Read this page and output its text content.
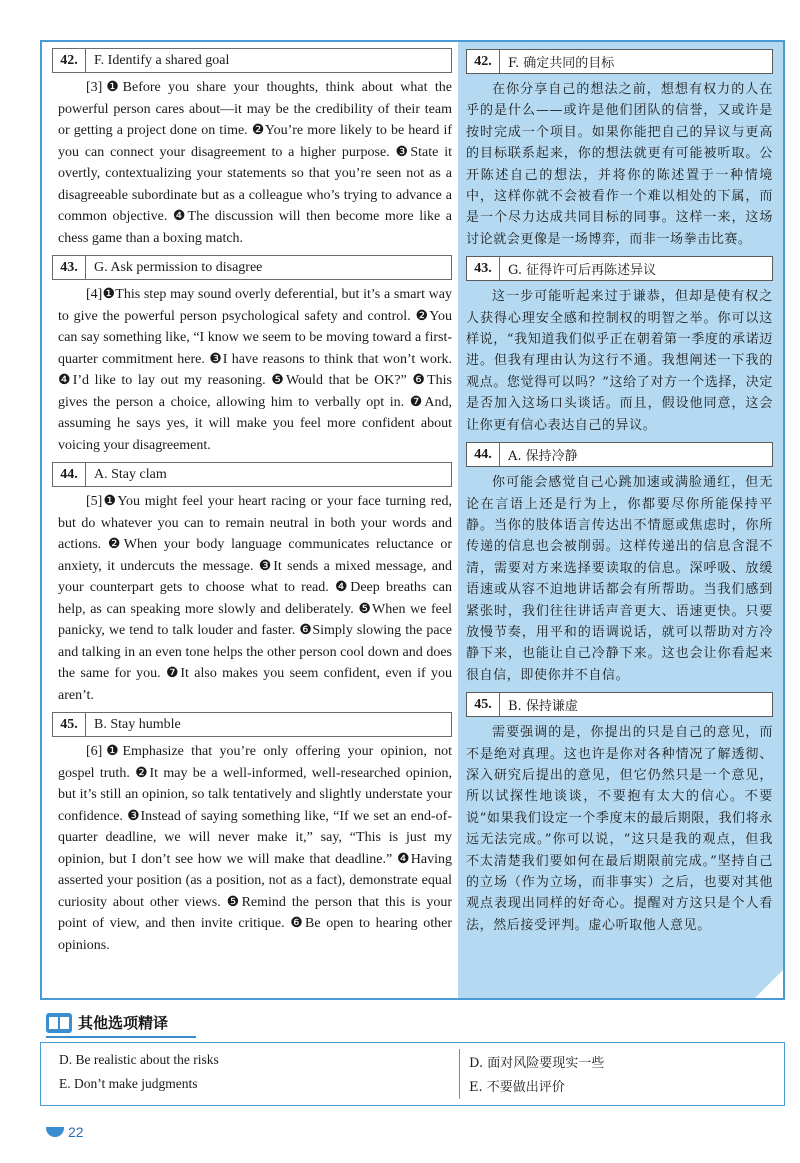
42.	F. Identify a shared goal

[3]❶Before you share your thoughts, think about what the powerful person cares about—it may be the credibility of their team or getting a project done on time. ❷You’re more likely to be heard if you can connect your disagreement to a higher purpose. ❸State it overtly, contextualizing your statements so that you’re seen not as a disagreeable subordinate but as a colleague who’s trying to advance a common objective. ❹The discussion will then become more like a chess game than a boxing match.

43.	G. Ask permission to disagree

[4]❶This step may sound overly deferential, but it’s a smart way to give the powerful person psychological safety and control. ❷You can say something like, “I know we seem to be moving toward a first-quarter commitment here. ❸I have reasons to think that won’t work. ❹I’d like to lay out my reasoning. ❺Would that be OK?” ❻This gives the person a choice, allowing him to verbally opt in. ❼And, assuming he says yes, it will make you feel more confident about voicing your disagreement.

44.	A. Stay clam

[5]❶You might feel your heart racing or your face turning red, but do whatever you can to remain neutral in both your words and actions. ❷When your body language communicates reluctance or anxiety, it undercuts the message. ❸It sends a mixed message, and your counterpart gets to choose what to read. ❹Deep breaths can help, as can speaking more slowly and deliberately. ❺When we feel panicky, we tend to talk louder and faster. ❻Simply slowing the pace and talking in an even tone helps the other person cool down and does the same for you. ❼It also makes you seem confident, even if you aren’t.

45.	B. Stay humble

[6]❶Emphasize that you’re only offering your opinion, not gospel truth. ❷It may be a well-informed, well-researched opinion, but it’s still an opinion, so talk tentatively and slightly understate your confidence. ❸Instead of saying something like, “If we set an end-of-quarter deadline, we will never make it,” say, “This is just my opinion, but I don’t see how we will make that deadline.” ❹Having asserted your position (as a position, not as a fact), demonstrate equal curiosity about other views. ❺Remind the person that this is your point of view, and then invite critique. ❻Be open to hearing other opinions.

42.	F. 确定共同的目标

在你分享自己的想法之前，想想有权力的人在乎的是什么——或许是他们团队的信誉，又或许是按时完成一个项目。如果你能把自己的异议与更高的目标联系起来，你的想法就更有可能被听取。公开陈述自己的想法，并将你的陈述置于一种情境中，这样你就不会被看作一个难以相处的下属，而是一个尽力达成共同目标的同事。这样一来，这场讨论就会更像是一场博弈，而非一场拳击比赛。

43.	G. 征得许可后再陈述异议

这一步可能听起来过于谦恭，但却是使有权之人获得心理安全感和控制权的明智之举。你可以这样说，“我知道我们似乎正在朝着第一季度的承诺迈进。但我有理由认为这行不通。我想阐述一下我的观点。您觉得可以吗？”这给了对方一个选择，决定是否加入这场口头谈话。而且，假设他同意，这会让你更有信心表达自己的异议。

44.	A. 保持冷静

你可能会感觉自己心跳加速或满脸通红，但无论在言语上还是行为上，你都要尽你所能保持平静。当你的肢体语言传达出不情愿或焦虑时，你所传递的信息也会被削弱。这样传递出的信息含混不清，需要对方来选择要读取的信息。深呼吸、放缓语速或从容不迫地讲话都会有所帮助。当我们感到紧张时，我们往往讲话声音更大、语速更快。只要放慢节奏，用平和的语调说话，就可以帮助对方冷静下来，也能让自己冷静下来。这也会让你看起来很自信，即使你并不自信。

45.	B. 保持谦虚

需要强调的是，你提出的只是自己的意见，而不是绝对真理。这也许是你对各种情况了解透彻、深入研究后提出的意见，但它仍然只是一个意见，所以试探性地谈谈，不要抱有太大的信心。不要说“如果我们设定一个季度末的最后期限，我们将永远无法完成。”你可以说，“这只是我的观点，但我不太清楚我们要如何在最后期限前完成。”坚持自己的立场（作为立场，而非事实）之后，也要对其他观点表现出同样的好奇心。提醒对方这只是个人看法，然后接受评判。虚心听取他人意见。

其他选项精译
D. Be realistic about the risks
E. Don’t make judgments
D. 面对风险要现实一些
E. 不要做出评价
22
